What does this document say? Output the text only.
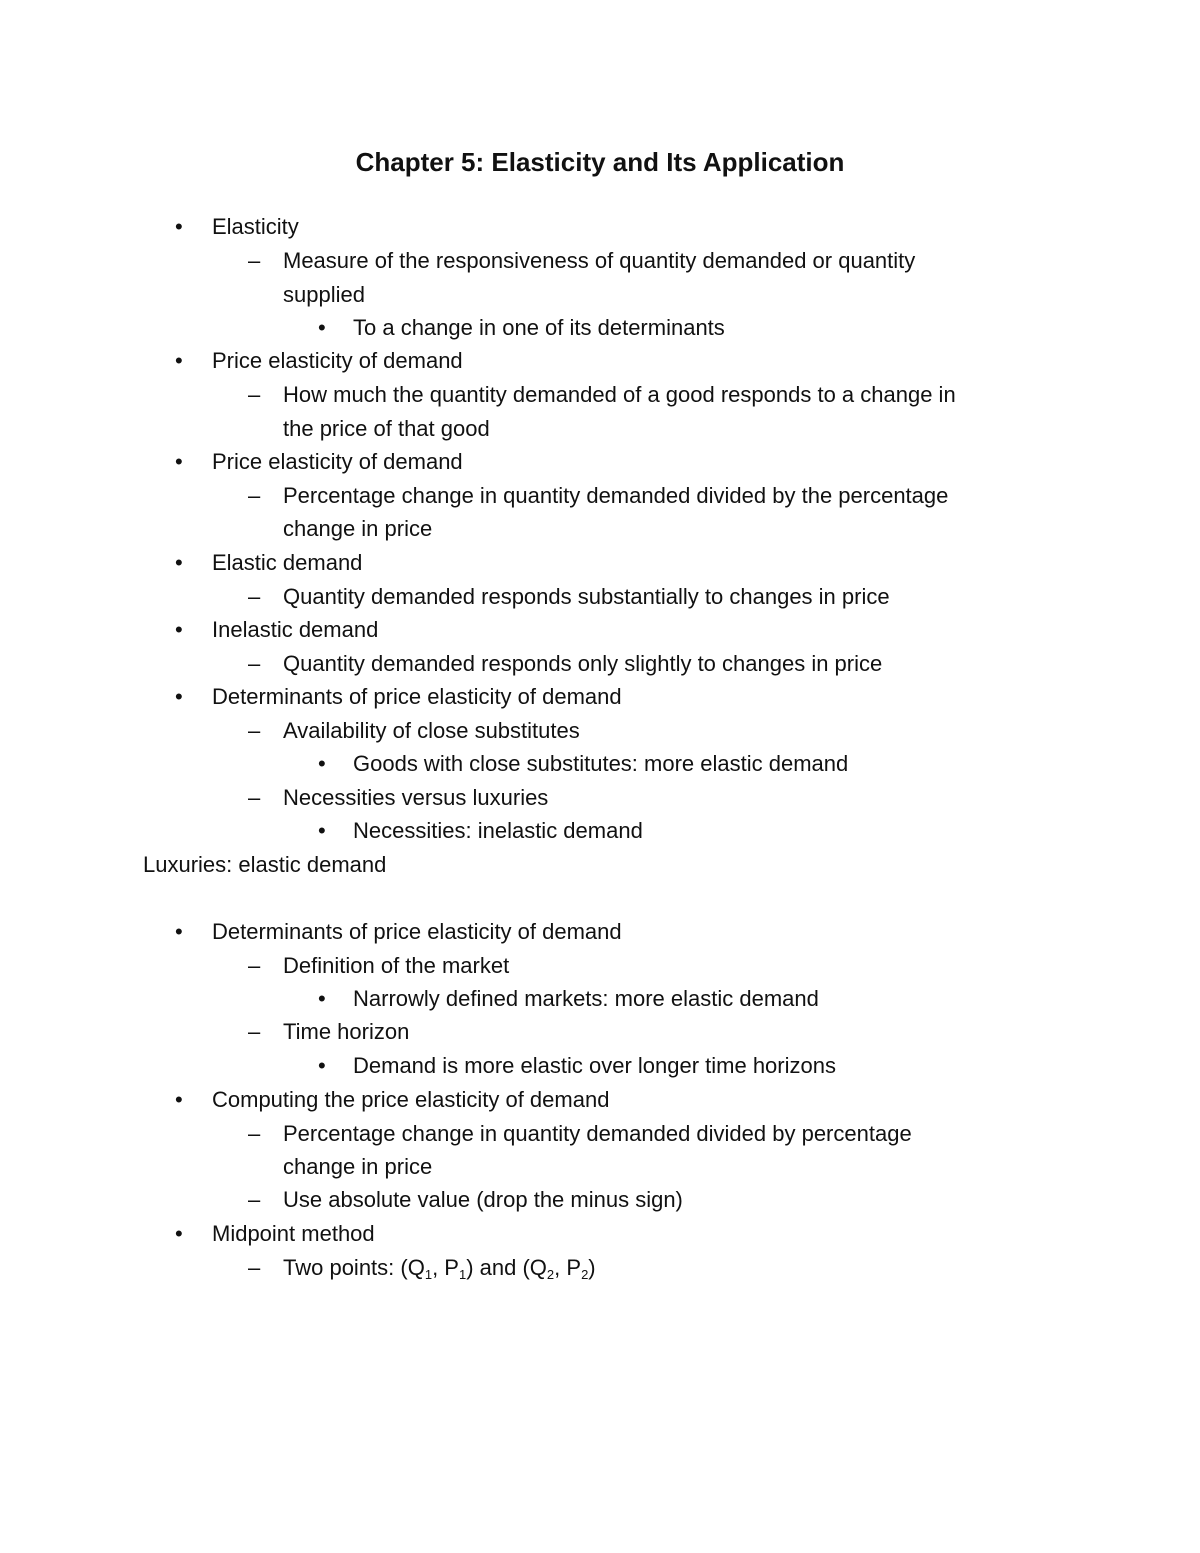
Chapter 5: Elasticity and Its Application
• Elasticity
– Measure of the responsiveness of quantity demanded or quantity
supplied
• To a change in one of its determinants
• Price elasticity of demand
– How much the quantity demanded of a good responds to a change in
the price of that good
• Price elasticity of demand
– Percentage change in quantity demanded divided by the percentage
change in price
• Elastic demand
– Quantity demanded responds substantially to changes in price
• Inelastic demand
– Quantity demanded responds only slightly to changes in price
• Determinants of price elasticity of demand
– Availability of close substitutes
• Goods with close substitutes: more elastic demand
– Necessities versus luxuries
• Necessities: inelastic demand
Luxuries: elastic demand
• Determinants of price elasticity of demand
– Definition of the market
• Narrowly defined markets: more elastic demand
– Time horizon
• Demand is more elastic over longer time horizons
• Computing the price elasticity of demand
– Percentage change in quantity demanded divided by percentage
change in price
– Use absolute value (drop the minus sign)
• Midpoint method
– Two points: ($Q_1$, $P_1$) and ($Q_2$, $P_2$)
